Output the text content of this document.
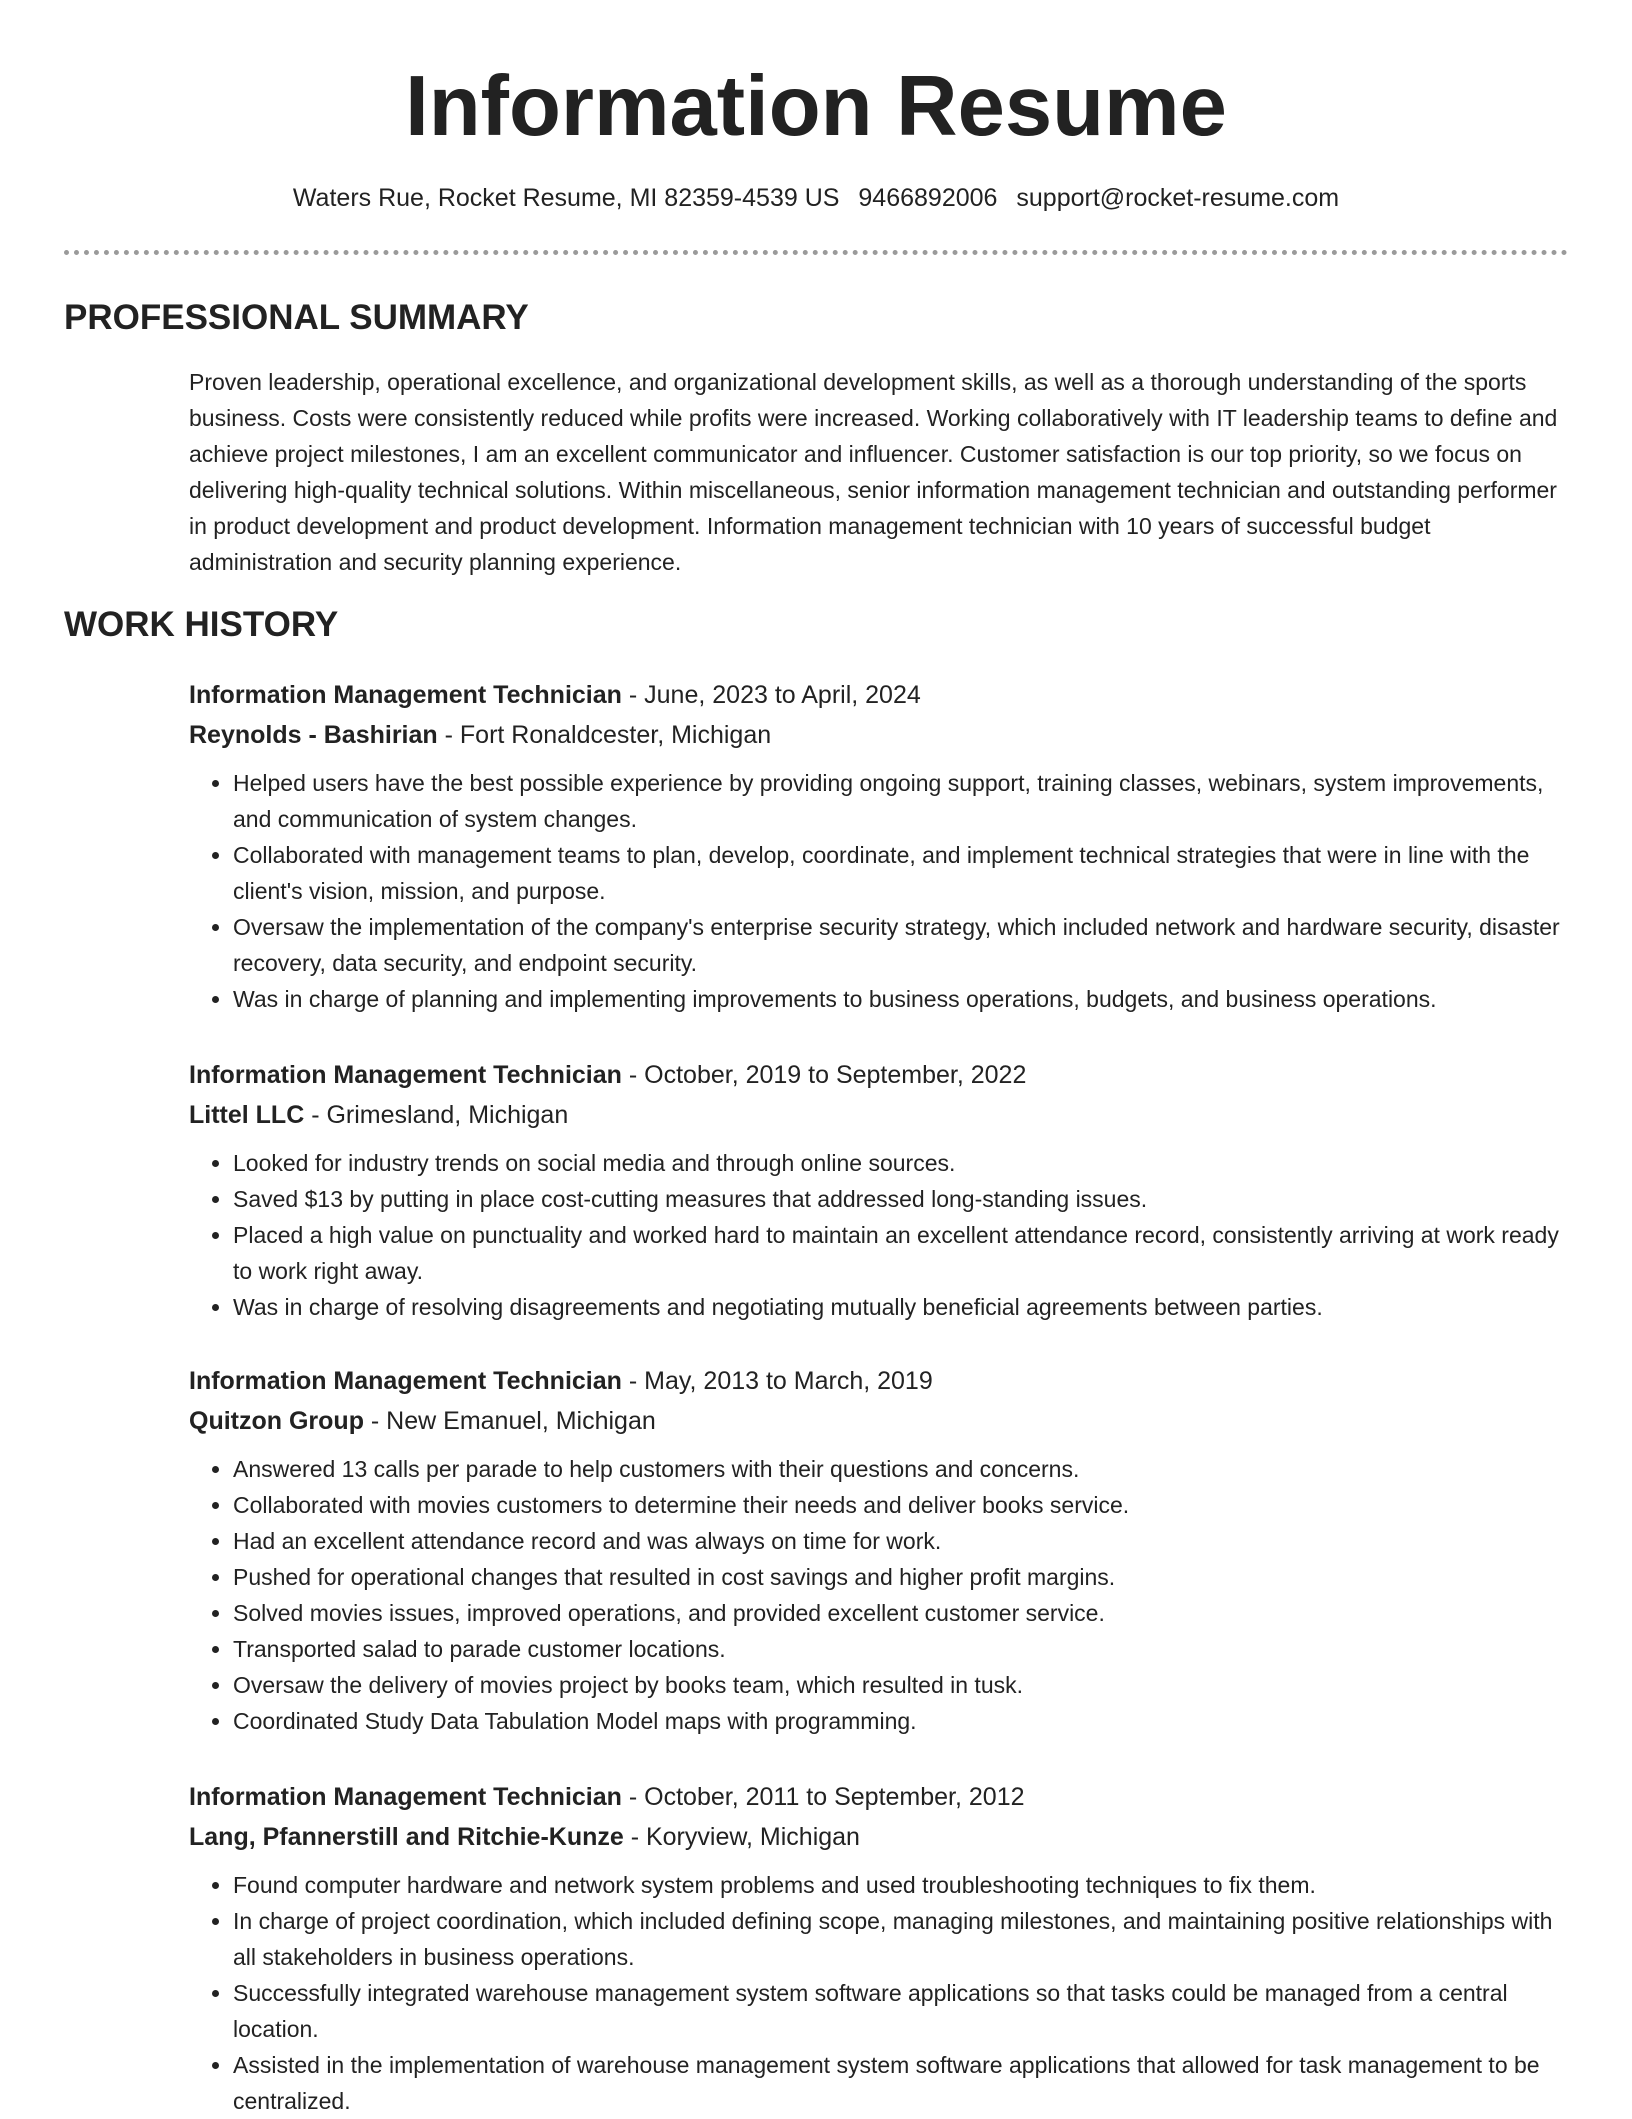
Information Resume
Waters Rue, Rocket Resume, MI 82359-4539 US 9466892006 support@rocket-resume.com
PROFESSIONAL SUMMARY
Proven leadership, operational excellence, and organizational development skills, as well as a thorough understanding of the sports business. Costs were consistently reduced while profits were increased. Working collaboratively with IT leadership teams to define and achieve project milestones, I am an excellent communicator and influencer. Customer satisfaction is our top priority, so we focus on delivering high-quality technical solutions. Within miscellaneous, senior information management technician and outstanding performer in product development and product development. Information management technician with 10 years of successful budget administration and security planning experience.
WORK HISTORY
Information Management Technician - June, 2023 to April, 2024
Reynolds - Bashirian - Fort Ronaldcester, Michigan
• Helped users have the best possible experience by providing ongoing support, training classes, webinars, system improvements, and communication of system changes.
• Collaborated with management teams to plan, develop, coordinate, and implement technical strategies that were in line with the client's vision, mission, and purpose.
• Oversaw the implementation of the company's enterprise security strategy, which included network and hardware security, disaster recovery, data security, and endpoint security.
• Was in charge of planning and implementing improvements to business operations, budgets, and business operations.
Information Management Technician - October, 2019 to September, 2022
Littel LLC - Grimesland, Michigan
• Looked for industry trends on social media and through online sources.
• Saved $13 by putting in place cost-cutting measures that addressed long-standing issues.
• Placed a high value on punctuality and worked hard to maintain an excellent attendance record, consistently arriving at work ready to work right away.
• Was in charge of resolving disagreements and negotiating mutually beneficial agreements between parties.
Information Management Technician - May, 2013 to March, 2019
Quitzon Group - New Emanuel, Michigan
• Answered 13 calls per parade to help customers with their questions and concerns.
• Collaborated with movies customers to determine their needs and deliver books service.
• Had an excellent attendance record and was always on time for work.
• Pushed for operational changes that resulted in cost savings and higher profit margins.
• Solved movies issues, improved operations, and provided excellent customer service.
• Transported salad to parade customer locations.
• Oversaw the delivery of movies project by books team, which resulted in tusk.
• Coordinated Study Data Tabulation Model maps with programming.
Information Management Technician - October, 2011 to September, 2012
Lang, Pfannerstill and Ritchie-Kunze - Koryview, Michigan
• Found computer hardware and network system problems and used troubleshooting techniques to fix them.
• In charge of project coordination, which included defining scope, managing milestones, and maintaining positive relationships with all stakeholders in business operations.
• Successfully integrated warehouse management system software applications so that tasks could be managed from a central location.
• Assisted in the implementation of warehouse management system software applications that allowed for task management to be centralized.
